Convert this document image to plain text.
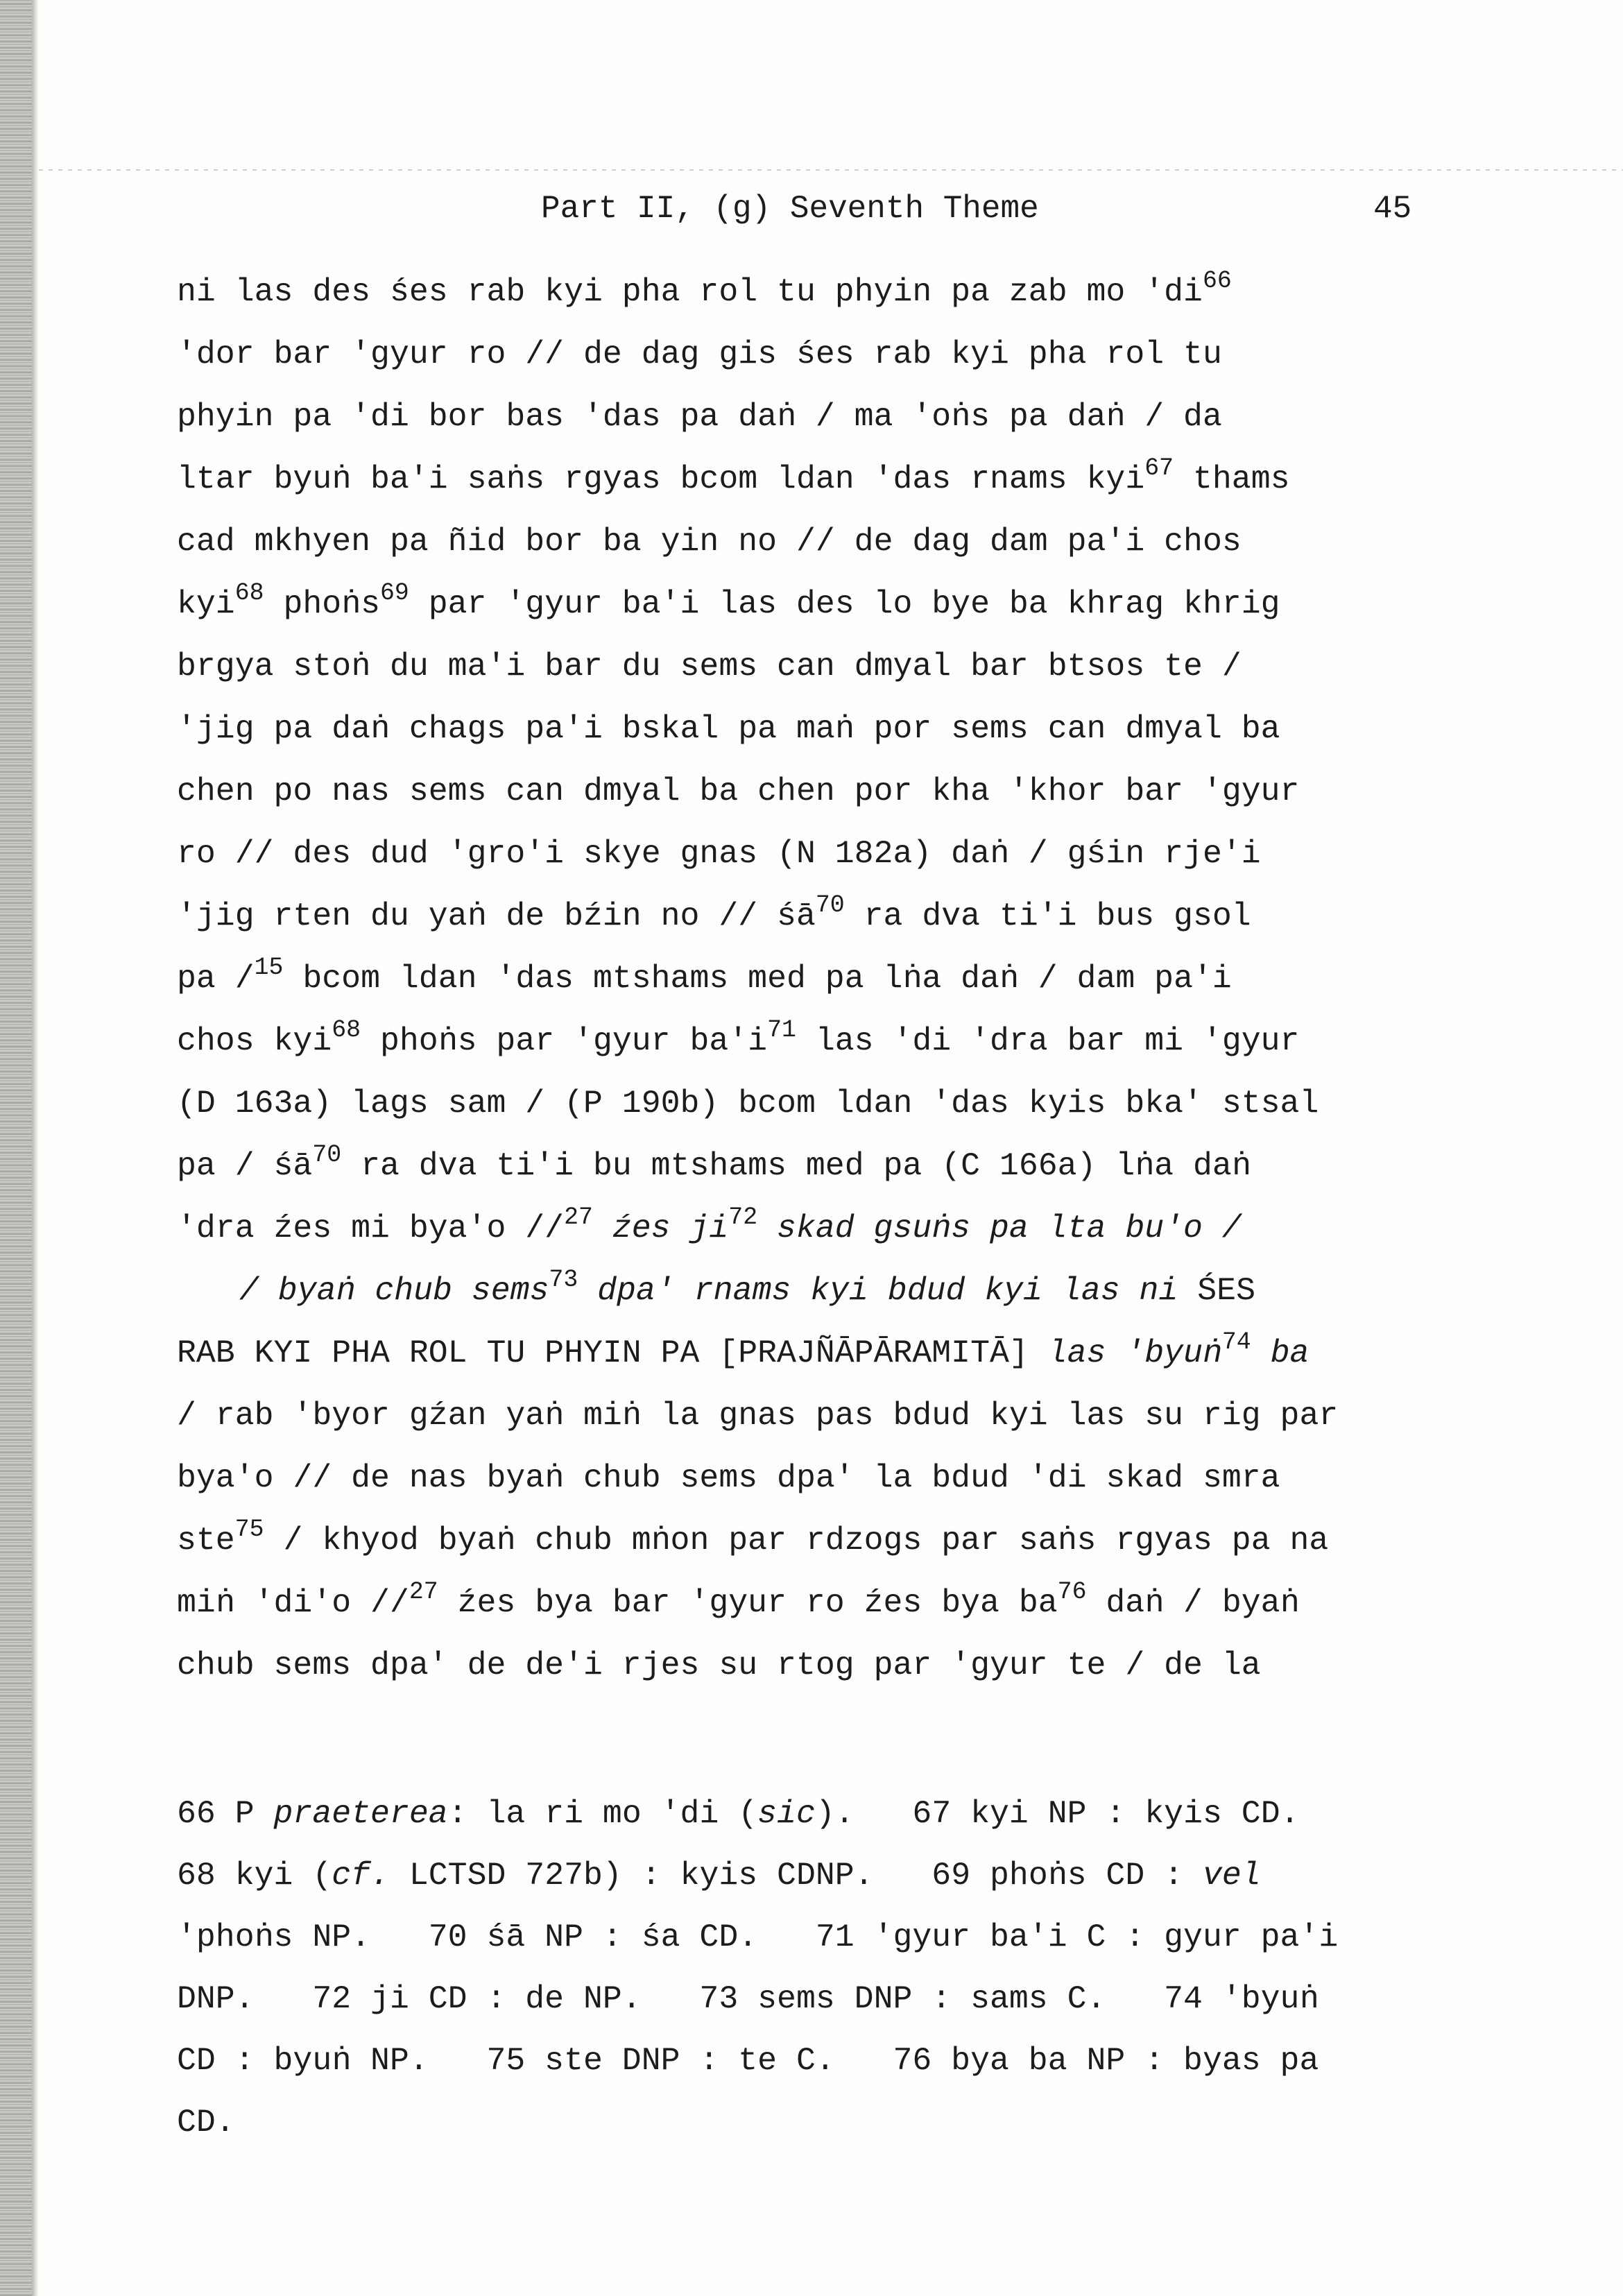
Part II, (g) Seventh Theme	45
ni las des śes rab kyi pha rol tu phyin pa zab mo '$di^{66}$
'dor bar 'gyur ro // de dag gis śes rab kyi pha rol tu
phyin pa 'di bor bas 'das pa daṅ / ma 'oṅs pa daṅ / da
ltar byuṅ ba'i saṅs rgyas bcom ldan 'das rnams kyi$^{67}$ thams
cad mkhyen pa ñid bor ba yin no // de dag dam pa'i chos
kyi$^{68}$ phoṅs$^{69}$ par 'gyur ba'i las des lo bye ba khrag khrig
brgya stoṅ du ma'i bar du sems can dmyal bar btsos te /
'jig pa daṅ chags pa'i bskal pa maṅ por sems can dmyal ba
chen po nas sems can dmyal ba chen por kha 'khor bar 'gyur
ro // des dud 'gro'i skye gnas (N 182a) daṅ / gśin rje'i
'jig rten du yaṅ de bźin no // $śā^{70}$ ra dva ti'i bus gsol
pa /$^{15}$ bcom ldan 'das mtshams med pa lṅa daṅ / dam pa'i
chos kyi$^{68}$ phoṅs par 'gyur $ba'i^{71}$ las 'di 'dra bar mi 'gyur
(D 163a) lags sam / (P 190b) bcom ldan 'das kyis bka' stsal
pa / $śā^{70}$ ra dva ti'i bu mtshams med pa (C 166a) lṅa daṅ
'dra źes mi bya'o //$^{27}$ źes $ji^{72}$ skad gsuṅs pa lta bu'o /
/ byaṅ chub sems$^{73}$ dpa' rnams kyi bdud kyi las ni ŚES
RAB KYI PHA ROL TU PHYIN PA [PRAJÑĀPĀRAMITĀ] las 'byuṅ$^{74}$ ba
/ rab 'byor gźan yaṅ miṅ la gnas pas bdud kyi las su rig par
bya'o // de nas byaṅ chub sems dpa' la bdud 'di skad smra
ste$^{75}$ / khyod byaṅ chub mṅon par rdzogs par saṅs rgyas pa na
miṅ 'di'o //$^{27}$ źes bya bar 'gyur ro źes bya $ba^{76}$ daṅ / byaṅ
chub sems dpa' de de'i rjes su rtog par 'gyur te / de la
66 P praeterea: la ri mo 'di (sic).   67 kyi NP : kyis CD.
68 kyi (cf. LCTSD 727b) : kyis CDNP.   69 phoṅs CD : vel
'phoṅs NP.   70 śā NP : śa CD.   71 'gyur ba'i C : gyur pa'i
DNP.   72 ji CD : de NP.   73 sems DNP : sams C.   74 'byuṅ
CD : byuṅ NP.   75 ste DNP : te C.   76 bya ba NP : byas pa
CD.
